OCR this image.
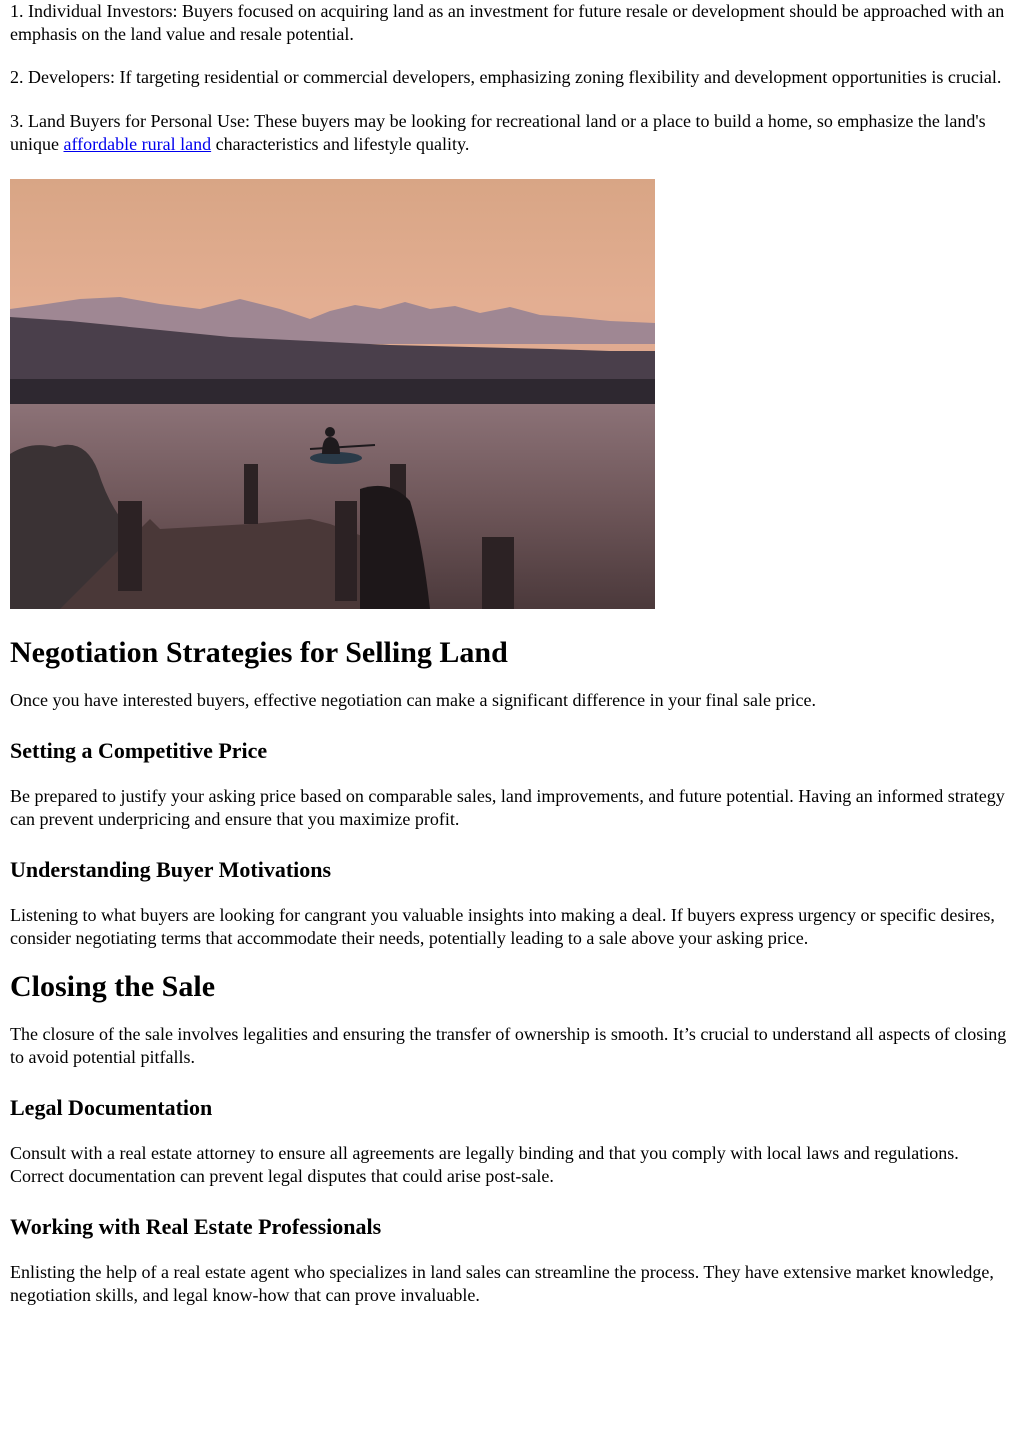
1. Individual Investors: Buyers focused on acquiring land as an investment for future resale or development should be approached with an emphasis on the land value and resale potential.

2. Developers: If targeting residential or commercial developers, emphasizing zoning flexibility and development opportunities is crucial.

3. Land Buyers for Personal Use: These buyers may be looking for recreational land or a place to build a home, so emphasize the land's unique affordable rural land characteristics and lifestyle quality.

Negotiation Strategies for Selling Land

Once you have interested buyers, effective negotiation can make a significant difference in your final sale price.

Setting a Competitive Price

Be prepared to justify your asking price based on comparable sales, land improvements, and future potential. Having an informed strategy can prevent underpricing and ensure that you maximize profit.

Understanding Buyer Motivations

Listening to what buyers are looking for cangrant you valuable insights into making a deal. If buyers express urgency or specific desires, consider negotiating terms that accommodate their needs, potentially leading to a sale above your asking price.

Closing the Sale

The closure of the sale involves legalities and ensuring the transfer of ownership is smooth. It’s crucial to understand all aspects of closing to avoid potential pitfalls.

Legal Documentation

Consult with a real estate attorney to ensure all agreements are legally binding and that you comply with local laws and regulations. Correct documentation can prevent legal disputes that could arise post-sale.

Working with Real Estate Professionals

Enlisting the help of a real estate agent who specializes in land sales can streamline the process. They have extensive market knowledge, negotiation skills, and legal know-how that can prove invaluable.
